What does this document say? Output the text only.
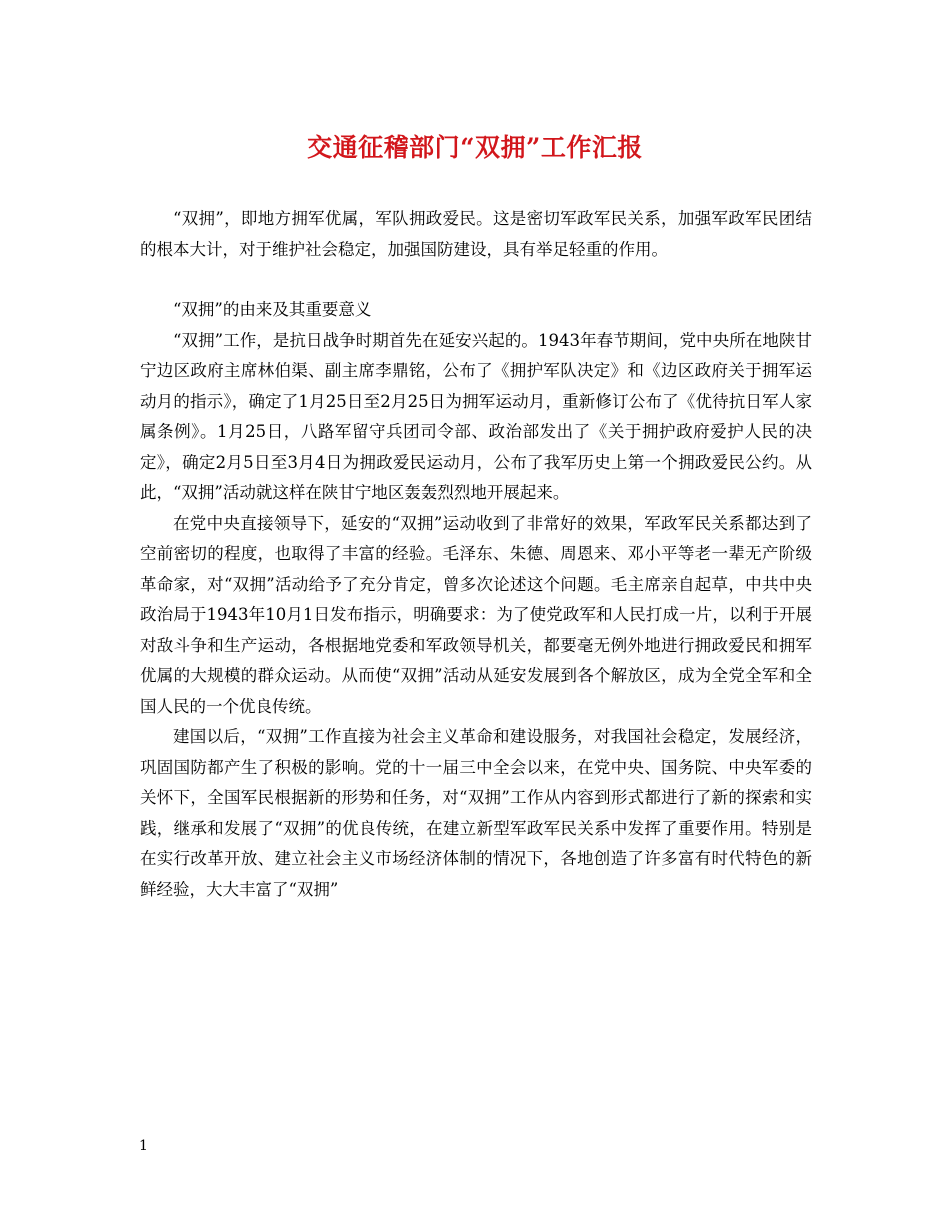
交通征稽部门“双拥”工作汇报

“双拥”，即地方拥军优属，军队拥政爱民。这是密切军政军民关系，加强军政军民团结的根本大计，对于维护社会稳定，加强国防建设，具有举足轻重的作用。

“双拥”的由来及其重要意义

“双拥”工作，是抗日战争时期首先在延安兴起的。1943年春节期间，党中央所在地陕甘宁边区政府主席林伯渠、副主席李鼎铭，公布了《拥护军队决定》和《边区政府关于拥军运动月的指示》，确定了1月25日至2月25日为拥军运动月，重新修订公布了《优待抗日军人家属条例》。1月25日，八路军留守兵团司令部、政治部发出了《关于拥护政府爱护人民的决定》，确定2月5日至3月4日为拥政爱民运动月，公布了我军历史上第一个拥政爱民公约。从此，“双拥”活动就这样在陕甘宁地区轰轰烈烈地开展起来。

在党中央直接领导下，延安的“双拥”运动收到了非常好的效果，军政军民关系都达到了空前密切的程度，也取得了丰富的经验。毛泽东、朱德、周恩来、邓小平等老一辈无产阶级革命家，对“双拥”活动给予了充分肯定，曾多次论述这个问题。毛主席亲自起草，中共中央政治局于1943年10月1日发布指示，明确要求：为了使党政军和人民打成一片，以利于开展对敌斗争和生产运动，各根据地党委和军政领导机关，都要毫无例外地进行拥政爱民和拥军优属的大规模的群众运动。从而使“双拥”活动从延安发展到各个解放区，成为全党全军和全国人民的一个优良传统。

建国以后，“双拥”工作直接为社会主义革命和建设服务，对我国社会稳定，发展经济，巩固国防都产生了积极的影响。党的十一届三中全会以来，在党中央、国务院、中央军委的关怀下，全国军民根据新的形势和任务，对“双拥”工作从内容到形式都进行了新的探索和实践，继承和发展了“双拥”的优良传统，在建立新型军政军民关系中发挥了重要作用。特别是在实行改革开放、建立社会主义市场经济体制的情况下，各地创造了许多富有时代特色的新鲜经验，大大丰富了“双拥”

1
